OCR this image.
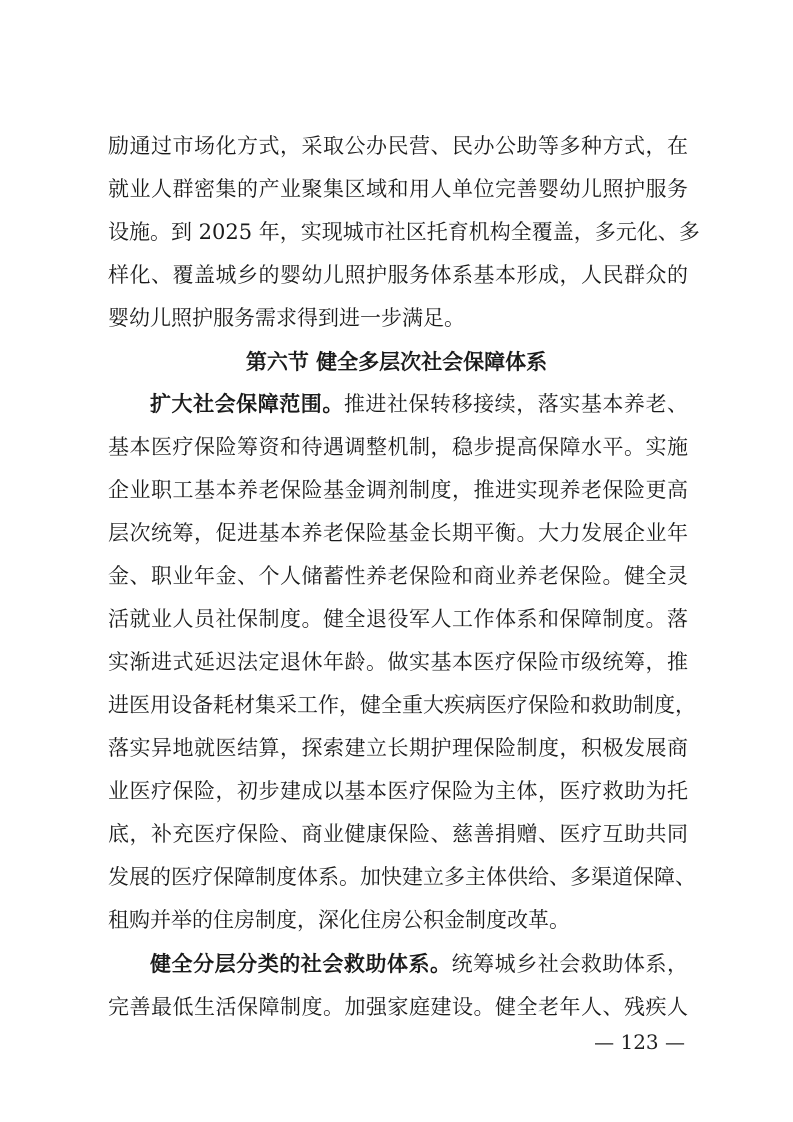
励通过市场化方式，采取公办民营、民办公助等多种方式，在
就业人群密集的产业聚集区域和用人单位完善婴幼儿照护服务
设施。到 2025 年，实现城市社区托育机构全覆盖，多元化、多
样化、覆盖城乡的婴幼儿照护服务体系基本形成，人民群众的
婴幼儿照护服务需求得到进一步满足。
第六节 健全多层次社会保障体系
扩大社会保障范围。推进社保转移接续，落实基本养老、
基本医疗保险筹资和待遇调整机制，稳步提高保障水平。实施
企业职工基本养老保险基金调剂制度，推进实现养老保险更高
层次统筹，促进基本养老保险基金长期平衡。大力发展企业年
金、职业年金、个人储蓄性养老保险和商业养老保险。健全灵
活就业人员社保制度。健全退役军人工作体系和保障制度。落
实渐进式延迟法定退休年龄。做实基本医疗保险市级统筹，推
进医用设备耗材集采工作，健全重大疾病医疗保险和救助制度，
落实异地就医结算，探索建立长期护理保险制度，积极发展商
业医疗保险，初步建成以基本医疗保险为主体，医疗救助为托
底，补充医疗保险、商业健康保险、慈善捐赠、医疗互助共同
发展的医疗保障制度体系。加快建立多主体供给、多渠道保障、
租购并举的住房制度，深化住房公积金制度改革。
健全分层分类的社会救助体系。统筹城乡社会救助体系，
完善最低生活保障制度。加强家庭建设。健全老年人、残疾人
— 123 —
